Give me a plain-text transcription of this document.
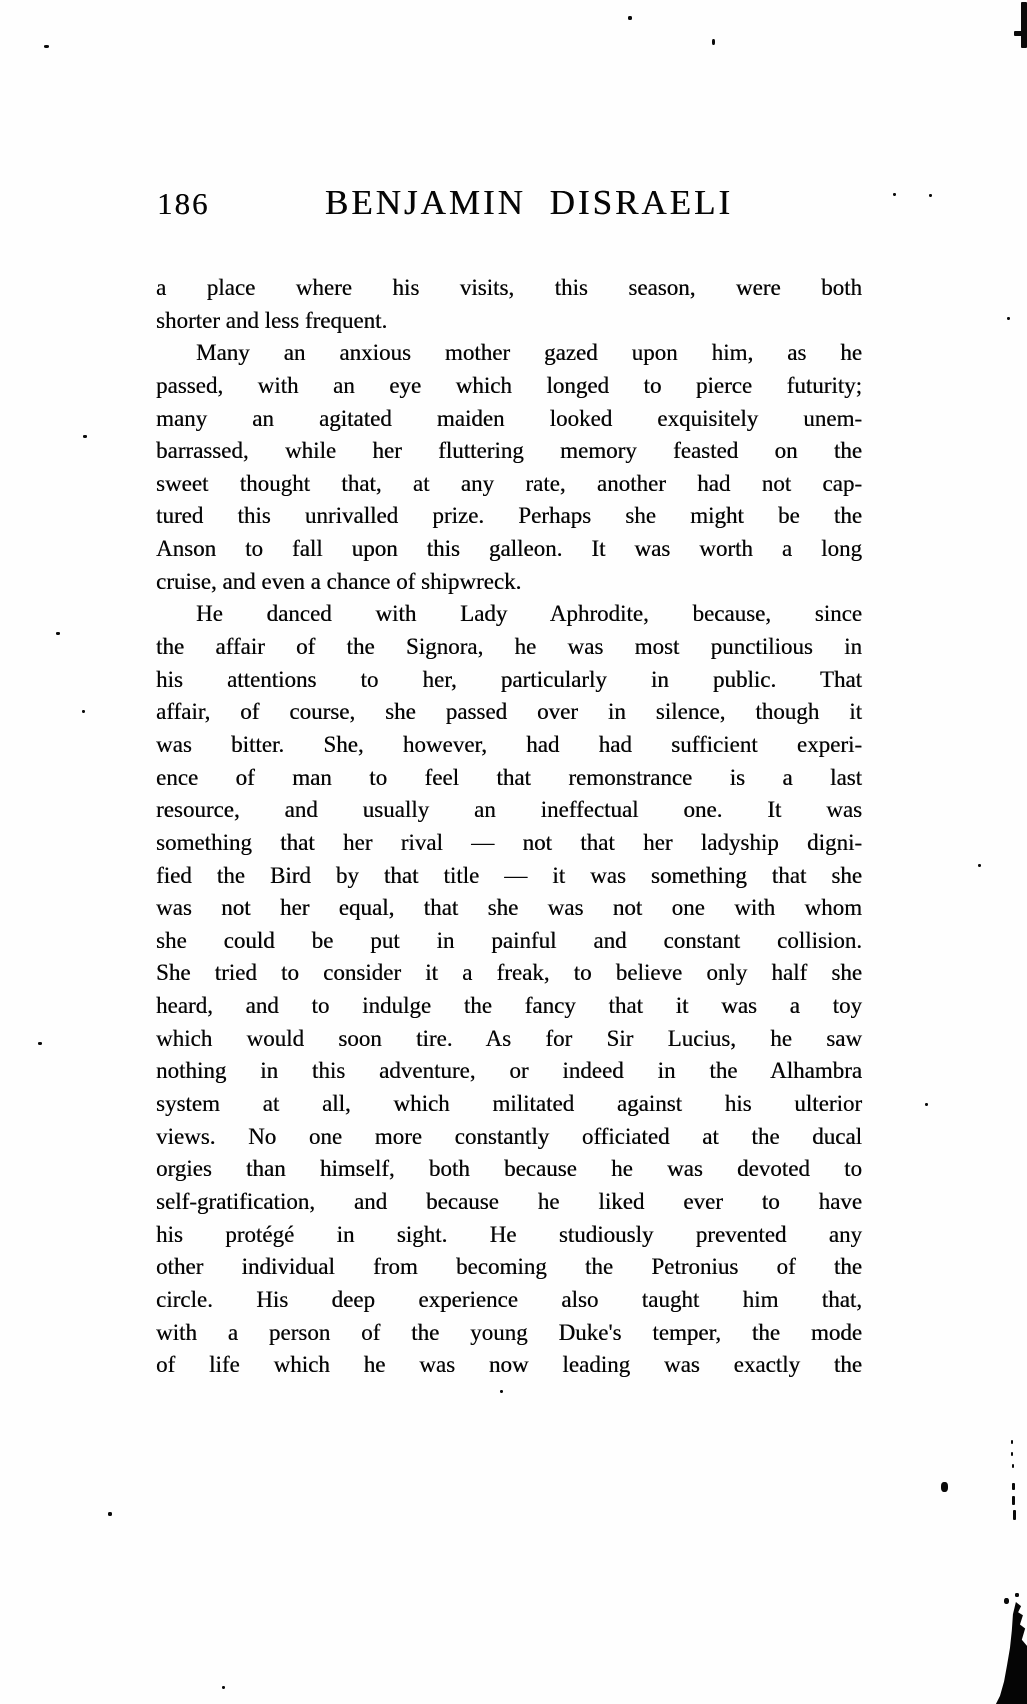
186	BENJAMIN DISRAELI
a place where his visits, this season, were both
shorter and less frequent.
Many an anxious mother gazed upon him, as he
passed, with an eye which longed to pierce futurity;
many an agitated maiden looked exquisitely unem-
barrassed, while her fluttering memory feasted on the
sweet thought that, at any rate, another had not cap-
tured this unrivalled prize. Perhaps she might be the
Anson to fall upon this galleon. It was worth a long
cruise, and even a chance of shipwreck.
He danced with Lady Aphrodite, because, since
the affair of the Signora, he was most punctilious in
his attentions to her, particularly in public. That
affair, of course, she passed over in silence, though it
was bitter. She, however, had had sufficient experi-
ence of man to feel that remonstrance is a last
resource, and usually an ineffectual one. It was
something that her rival — not that her ladyship digni-
fied the Bird by that title — it was something that she
was not her equal, that she was not one with whom
she could be put in painful and constant collision.
She tried to consider it a freak, to believe only half she
heard, and to indulge the fancy that it was a toy
which would soon tire. As for Sir Lucius, he saw
nothing in this adventure, or indeed in the Alhambra
system at all, which militated against his ulterior
views. No one more constantly officiated at the ducal
orgies than himself, both because he was devoted to
self-gratification, and because he liked ever to have
his protégé in sight. He studiously prevented any
other individual from becoming the Petronius of the
circle. His deep experience also taught him that,
with a person of the young Duke's temper, the mode
of life which he was now leading was exactly the
